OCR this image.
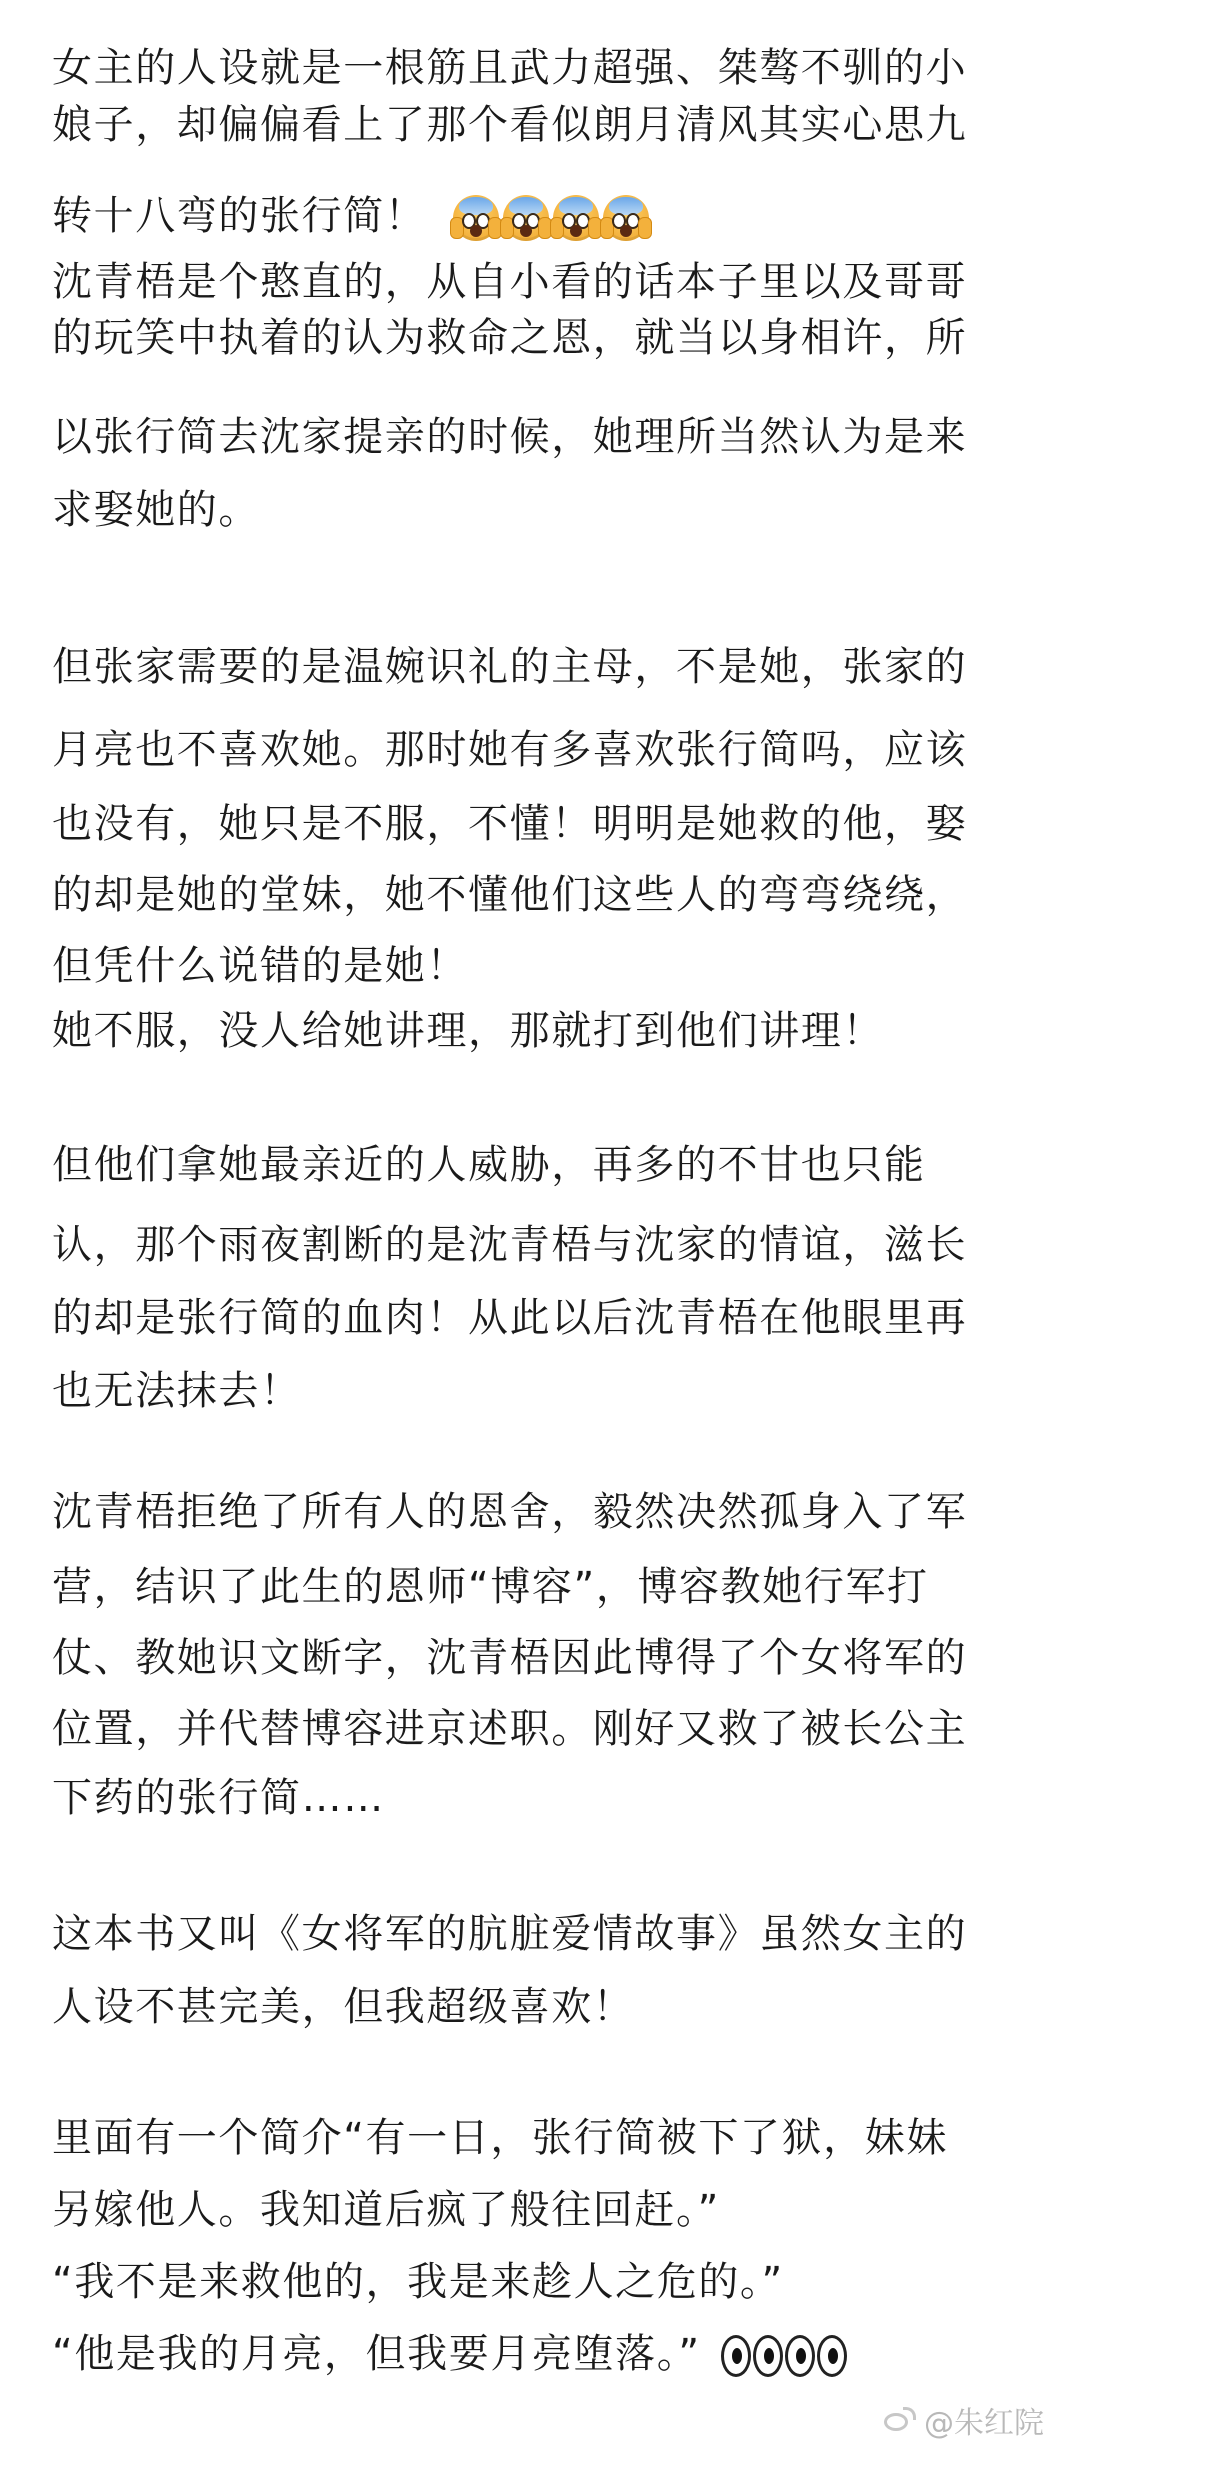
女主的人设就是一根筋且武力超强、桀骜不驯的小
娘子，却偏偏看上了那个看似朗月清风其实心思九
转十八弯的张行简！
沈青梧是个憨直的，从自小看的话本子里以及哥哥
的玩笑中执着的认为救命之恩，就当以身相许，所
以张行简去沈家提亲的时候，她理所当然认为是来
求娶她的。
但张家需要的是温婉识礼的主母，不是她，张家的
月亮也不喜欢她。那时她有多喜欢张行简吗，应该
也没有，她只是不服，不懂！明明是她救的他，娶
的却是她的堂妹，她不懂他们这些人的弯弯绕绕，
但凭什么说错的是她！
她不服，没人给她讲理，那就打到他们讲理！
但他们拿她最亲近的人威胁，再多的不甘也只能
认，那个雨夜割断的是沈青梧与沈家的情谊，滋长
的却是张行简的血肉！从此以后沈青梧在他眼里再
也无法抹去！
沈青梧拒绝了所有人的恩舍，毅然决然孤身入了军
营，结识了此生的恩师“博容”，博容教她行军打
仗、教她识文断字，沈青梧因此博得了个女将军的
位置，并代替博容进京述职。刚好又救了被长公主
下药的张行简……
这本书又叫《女将军的肮脏爱情故事》虽然女主的
人设不甚完美，但我超级喜欢！
里面有一个简介“有一日，张行简被下了狱，妹妹
另嫁他人。我知道后疯了般往回赶。”
“我不是来救他的，我是来趁人之危的。”
“他是我的月亮，但我要月亮堕落。”
@朱红院
